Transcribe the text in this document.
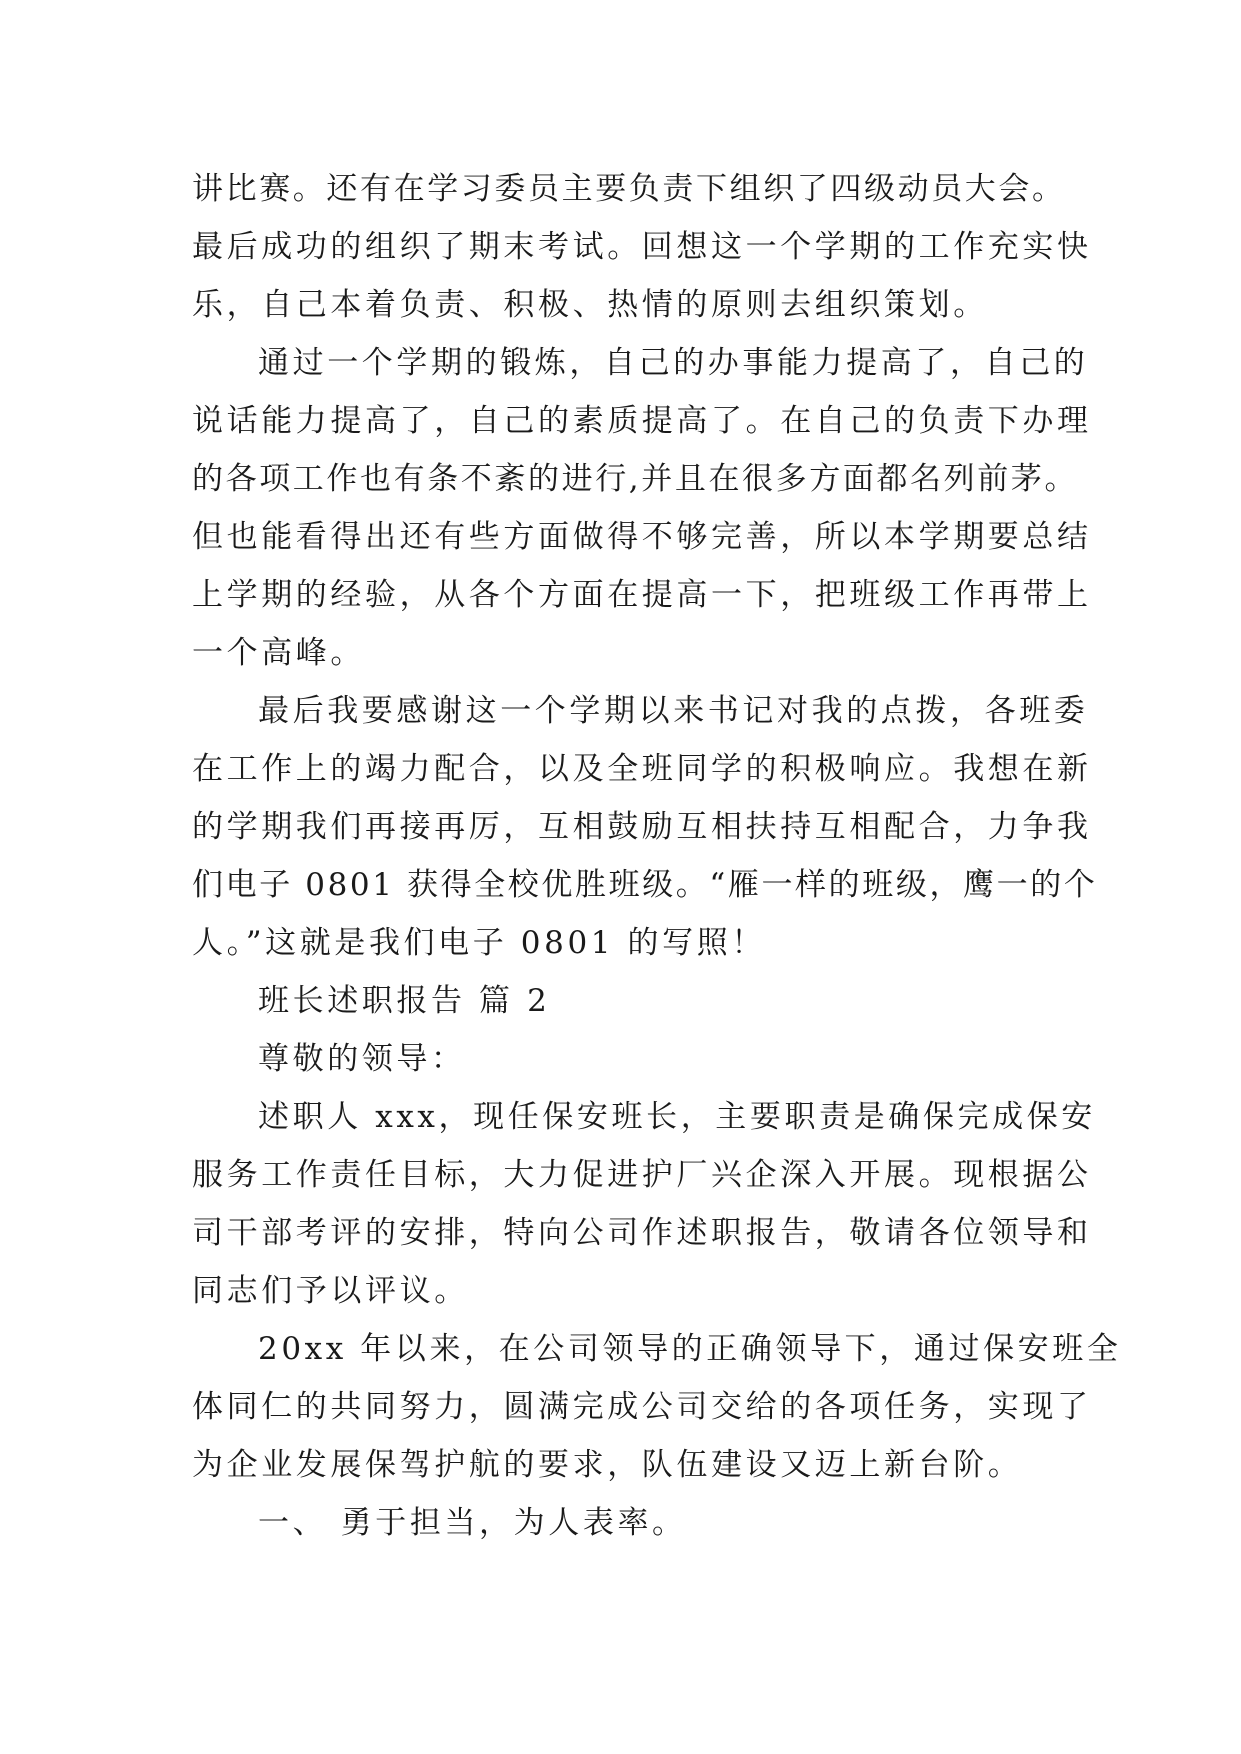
讲比赛。还有在学习委员主要负责下组织了四级动员大会。
最后成功的组织了期末考试。回想这一个学期的工作充实快
乐，自己本着负责、积极、热情的原则去组织策划。
通过一个学期的锻炼，自己的办事能力提高了，自己的
说话能力提高了，自己的素质提高了。在自己的负责下办理
的各项工作也有条不紊的进行,并且在很多方面都名列前茅。
但也能看得出还有些方面做得不够完善，所以本学期要总结
上学期的经验，从各个方面在提高一下，把班级工作再带上
一个高峰。
最后我要感谢这一个学期以来书记对我的点拨，各班委
在工作上的竭力配合，以及全班同学的积极响应。我想在新
的学期我们再接再厉，互相鼓励互相扶持互相配合，力争我
们电子 0801 获得全校优胜班级。“雁一样的班级，鹰一的个
人。”这就是我们电子 0801 的写照！
班长述职报告 篇 2
尊敬的领导：
述职人 xxx，现任保安班长，主要职责是确保完成保安
服务工作责任目标，大力促进护厂兴企深入开展。现根据公
司干部考评的安排，特向公司作述职报告，敬请各位领导和
同志们予以评议。
20xx 年以来，在公司领导的正确领导下，通过保安班全
体同仁的共同努力，圆满完成公司交给的各项任务，实现了
为企业发展保驾护航的要求，队伍建设又迈上新台阶。
一、 勇于担当，为人表率。
